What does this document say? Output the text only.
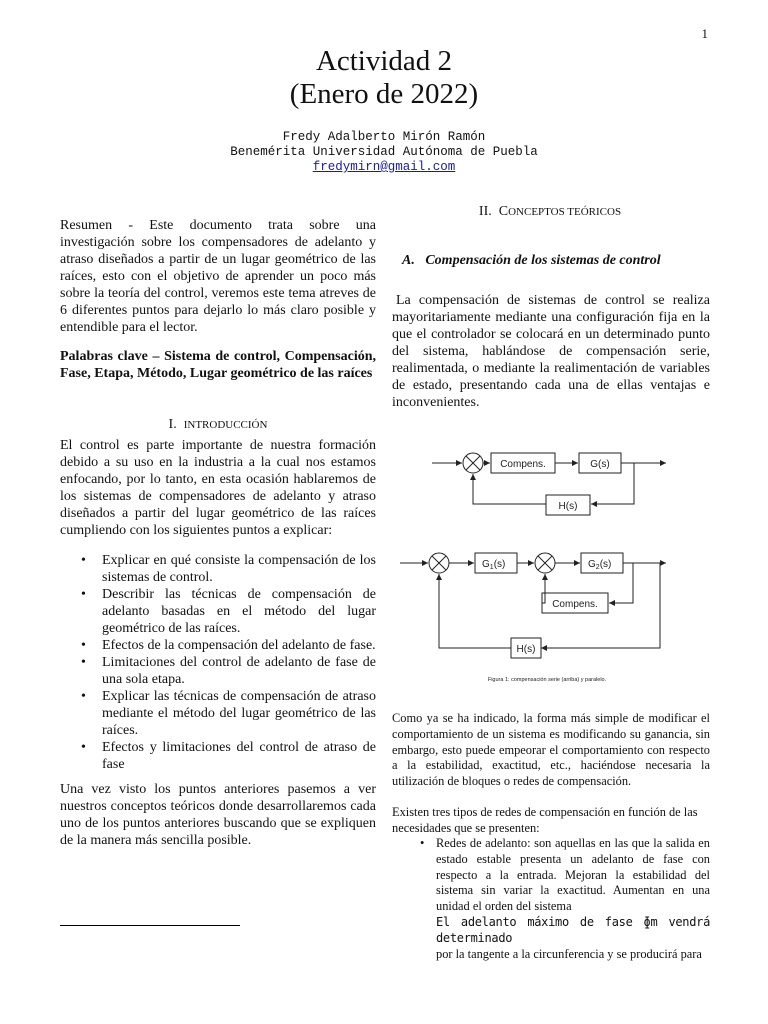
1
Actividad 2
(Enero de 2022)
Fredy Adalberto Mirón Ramón
Benemérita Universidad Autónoma de Puebla
fredymirn@gmail.com
Resumen - Este documento trata sobre una investigación sobre los compensadores de adelanto y atraso diseñados a partir de un lugar geométrico de las raíces, esto con el objetivo de aprender un poco más sobre la teoría del control, veremos este tema atreves de 6 diferentes puntos para dejarlo lo más claro posible y entendible para el lector.
Palabras clave – Sistema de control, Compensación, Fase, Etapa, Método, Lugar geométrico de las raíces
I. INTRODUCCIÓN
El control es parte importante de nuestra formación debido a su uso en la industria a la cual nos estamos enfocando, por lo tanto, en esta ocasión hablaremos de los sistemas de compensadores de adelanto y atraso diseñados a partir del lugar geométrico de las raíces cumpliendo con los siguientes puntos a explicar:
• Explicar en qué consiste la compensación de los sistemas de control.
• Describir las técnicas de compensación de adelanto basadas en el método del lugar geométrico de las raíces.
• Efectos de la compensación del adelanto de fase.
• Limitaciones del control de adelanto de fase de una sola etapa.
• Explicar las técnicas de compensación de atraso mediante el método del lugar geométrico de las raíces.
• Efectos y limitaciones del control de atraso de fase
Una vez visto los puntos anteriores pasemos a ver nuestros conceptos teóricos donde desarrollaremos cada uno de los puntos anteriores buscando que se expliquen de la manera más sencilla posible.
II. CONCEPTOS TEÓRICOS
A. Compensación de los sistemas de control
La compensación de sistemas de control se realiza mayoritariamente mediante una configuración fija en la que el controlador se colocará en un determinado punto del sistema, hablándose de compensación serie, realimentada, o mediante la realimentación de variables de estado, presentando cada una de ellas ventajas e inconvenientes.
Compens.	G(s)
H(s)
$G_1(s)$	$G_2(s)$
Compens.
H(s)
Figura 1: compensación serie (arriba) y paralelo.
Como ya se ha indicado, la forma más simple de modificar el comportamiento de un sistema es modificando su ganancia, sin embargo, esto puede empeorar el comportamiento con respecto a la estabilidad, exactitud, etc., haciéndose necesaria la utilización de bloques o redes de compensación.
Existen tres tipos de redes de compensación en función de las necesidades que se presenten:
• Redes de adelanto: son aquellas en las que la salida en estado estable presenta un adelanto de fase con respecto a la entrada. Mejoran la estabilidad del sistema sin variar la exactitud. Aumentan en una unidad el orden del sistema
El adelanto máximo de fase ɸm vendrá determinado
por la tangente a la circunferencia y se producirá para
